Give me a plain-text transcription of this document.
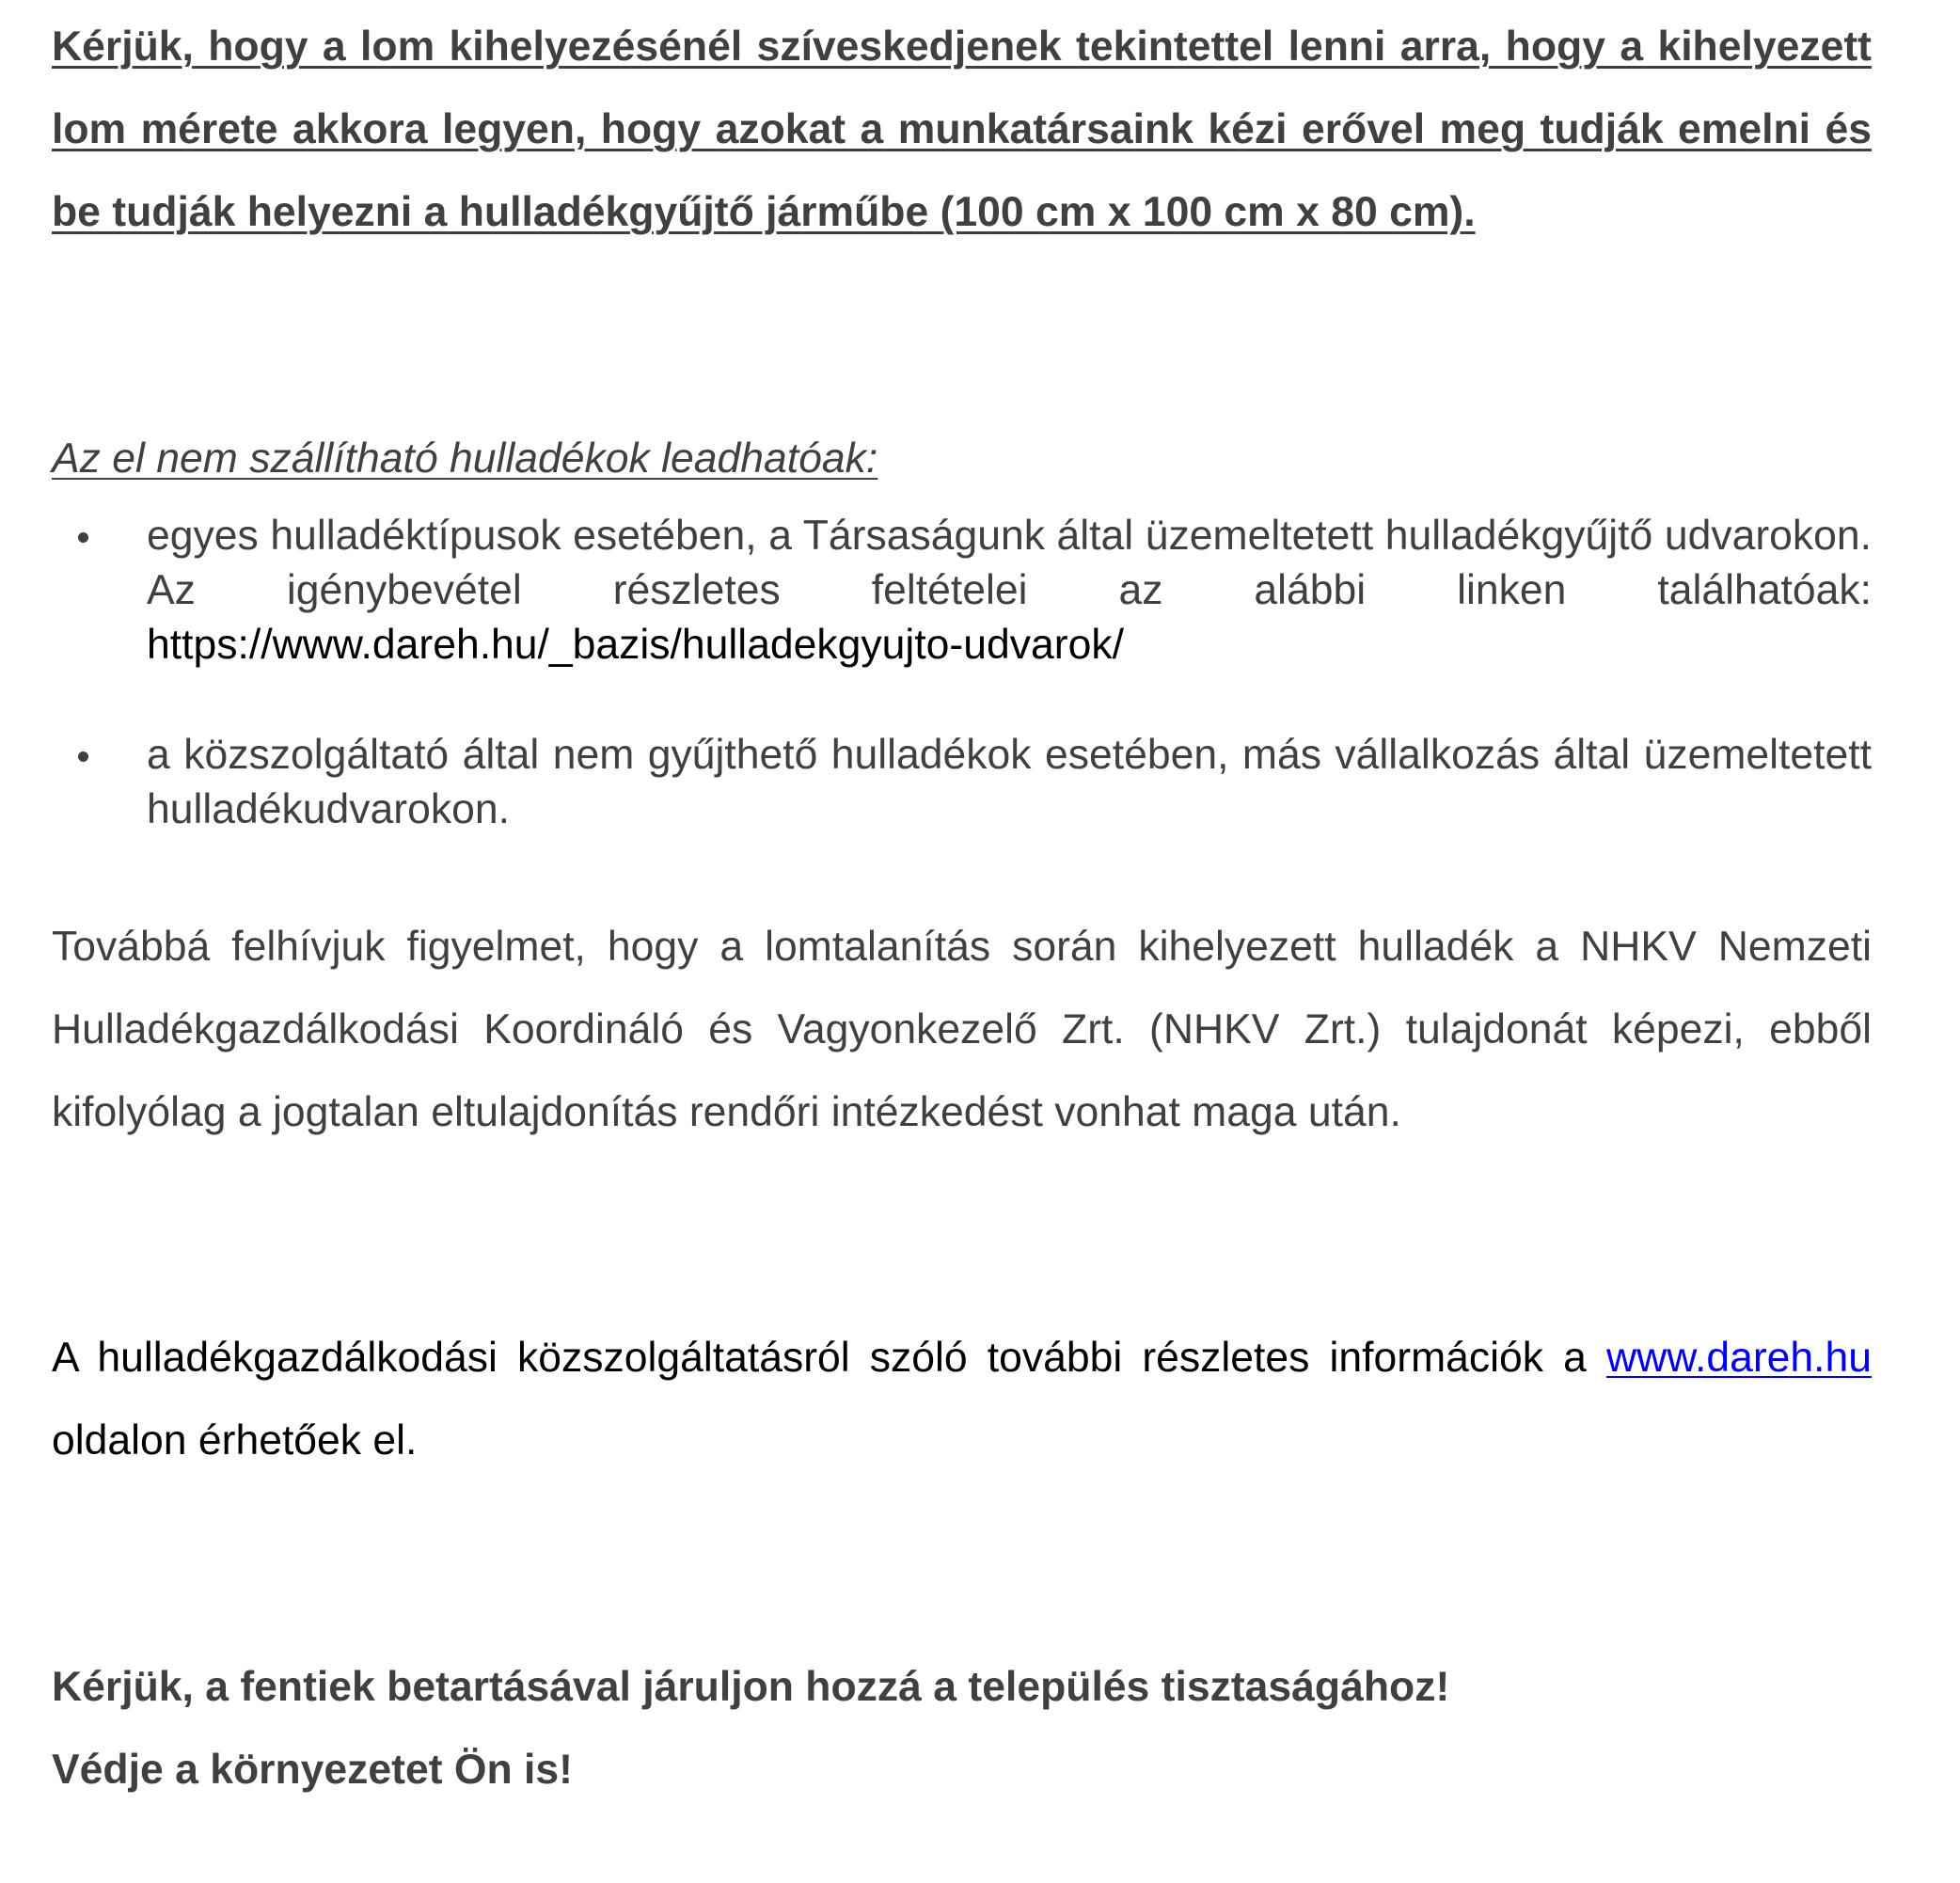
Kérjük, hogy a lom kihelyezésénél szíveskedjenek tekintettel lenni arra, hogy a kihelyezett lom mérete akkora legyen, hogy azokat a munkatársaink kézi erővel meg tudják emelni és be tudják helyezni a hulladékgyűjtő járműbe (100 cm x 100 cm x 80 cm).

Az el nem szállítható hulladékok leadhatóak:

egyes hulladéktípusok esetében, a Társaságunk által üzemeltetett hulladékgyűjtő udvarokon. Az igénybevétel részletes feltételei az alábbi linken találhatóak: https://www.dareh.hu/_bazis/hulladekgyujto-udvarok/
a közszolgáltató által nem gyűjthető hulladékok esetében, más vállalkozás által üzemeltetett hulladékudvarokon.

Továbbá felhívjuk figyelmet, hogy a lomtalanítás során kihelyezett hulladék a NHKV Nemzeti Hulladékgazdálkodási Koordináló és Vagyonkezelő Zrt. (NHKV Zrt.) tulajdonát képezi, ebből kifolyólag a jogtalan eltulajdonítás rendőri intézkedést vonhat maga után.

A hulladékgazdálkodási közszolgáltatásról szóló további részletes információk a www.dareh.hu oldalon érhetőek el.

Kérjük, a fentiek betartásával járuljon hozzá a település tisztaságához!

Védje a környezetet Ön is!
